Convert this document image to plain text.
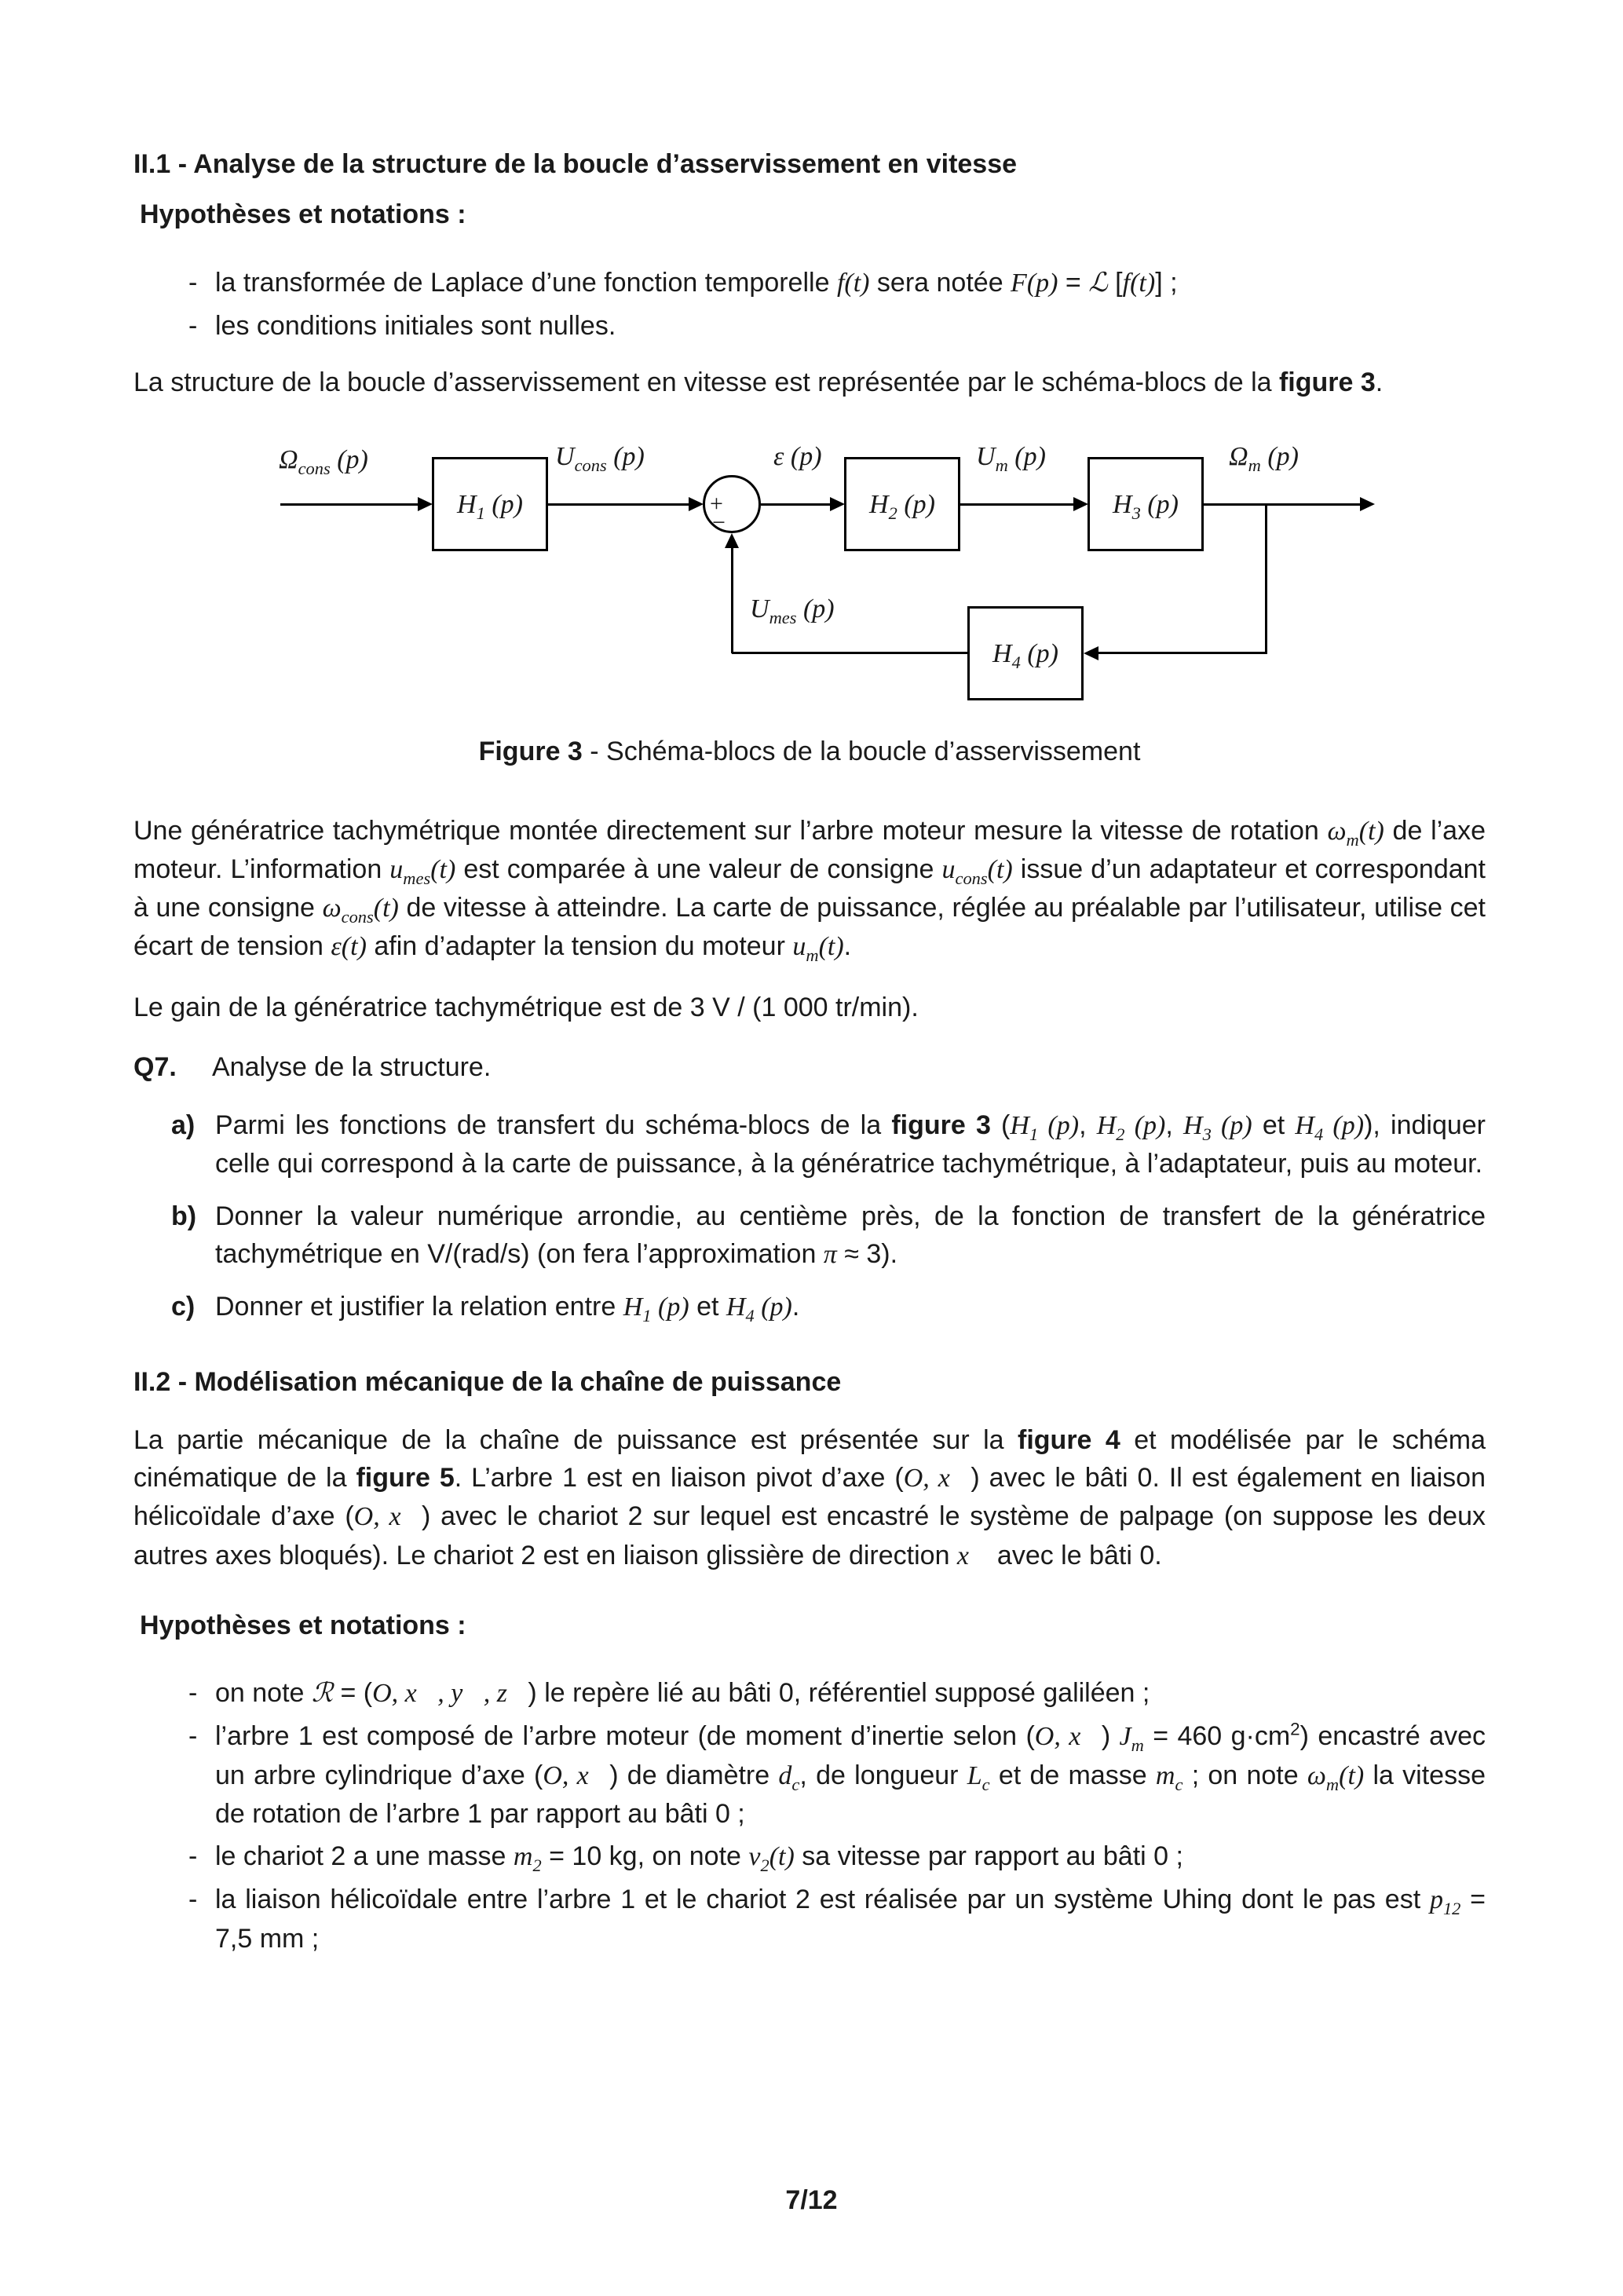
II.1 - Analyse de la structure de la boucle d’asservissement en vitesse
Hypothèses et notations :
- la transformée de Laplace d’une fonction temporelle f(t) sera notée F(p) = ℒ [f(t)] ;
- les conditions initiales sont nulles.
La structure de la boucle d’asservissement en vitesse est représentée par le schéma-blocs de la figure 3.
$\Omega_{cons}$ (p)
$H_1$ (p)
$U_{cons}$ (p)
+
−
ε (p)
$H_2$ (p)
$U_m$ (p)
$H_3$ (p)
$\Omega_m$ (p)
$H_4$ (p)
$U_{mes}$ (p)
Figure 3 - Schéma-blocs de la boucle d’asservissement
Une génératrice tachymétrique montée directement sur l’arbre moteur mesure la vitesse de rotation $\omega_m(t)$ de l’axe moteur. L’information $u_{mes}(t)$ est comparée à une valeur de consigne $u_{cons}(t)$ issue d’un adaptateur et correspondant à une consigne $\omega_{cons}(t)$ de vitesse à atteindre. La carte de puissance, réglée au préalable par l’utilisateur, utilise cet écart de tension ε(t) afin d’adapter la tension du moteur $u_m(t)$.
Le gain de la génératrice tachymétrique est de 3 V / (1 000 tr/min).
Q7.	Analyse de la structure.
a) Parmi les fonctions de transfert du schéma-blocs de la figure 3 ($H_1$ (p), $H_2$ (p), $H_3$ (p) et $H_4$ (p)), indiquer celle qui correspond à la carte de puissance, à la génératrice tachymétrique, à l’adaptateur, puis au moteur.
b) Donner la valeur numérique arrondie, au centième près, de la fonction de transfert de la génératrice tachymétrique en V/(rad/s) (on fera l’approximation π ≈ 3).
c) Donner et justifier la relation entre $H_1$ (p) et $H_4$ (p).
II.2 - Modélisation mécanique de la chaîne de puissance
La partie mécanique de la chaîne de puissance est présentée sur la figure 4 et modélisée par le schéma cinématique de la figure 5. L’arbre 1 est en liaison pivot d’axe (O, x⃗) avec le bâti 0. Il est également en liaison hélicoïdale d’axe (O, x⃗) avec le chariot 2 sur lequel est encastré le système de palpage (on suppose les deux autres axes bloqués). Le chariot 2 est en liaison glissière de direction x⃗ avec le bâti 0.
Hypothèses et notations :
- on note ℛ = (O, x⃗, y⃗, z⃗) le repère lié au bâti 0, référentiel supposé galiléen ;
- l’arbre 1 est composé de l’arbre moteur (de moment d’inertie selon (O, x⃗) $J_m = 460$ $g\cdot cm^2$) encastré avec un arbre cylindrique d’axe (O, x⃗) de diamètre $d_c$, de longueur $L_c$ et de masse $m_c$ ; on note $\omega_m(t)$ la vitesse de rotation de l’arbre 1 par rapport au bâti 0 ;
- le chariot 2 a une masse $m_2 = 10$ kg, on note $v_2(t)$ sa vitesse par rapport au bâti 0 ;
- la liaison hélicoïdale entre l’arbre 1 et le chariot 2 est réalisée par un système Uhing dont le pas est $p_{12} = 7,5$ mm ;
7/12
